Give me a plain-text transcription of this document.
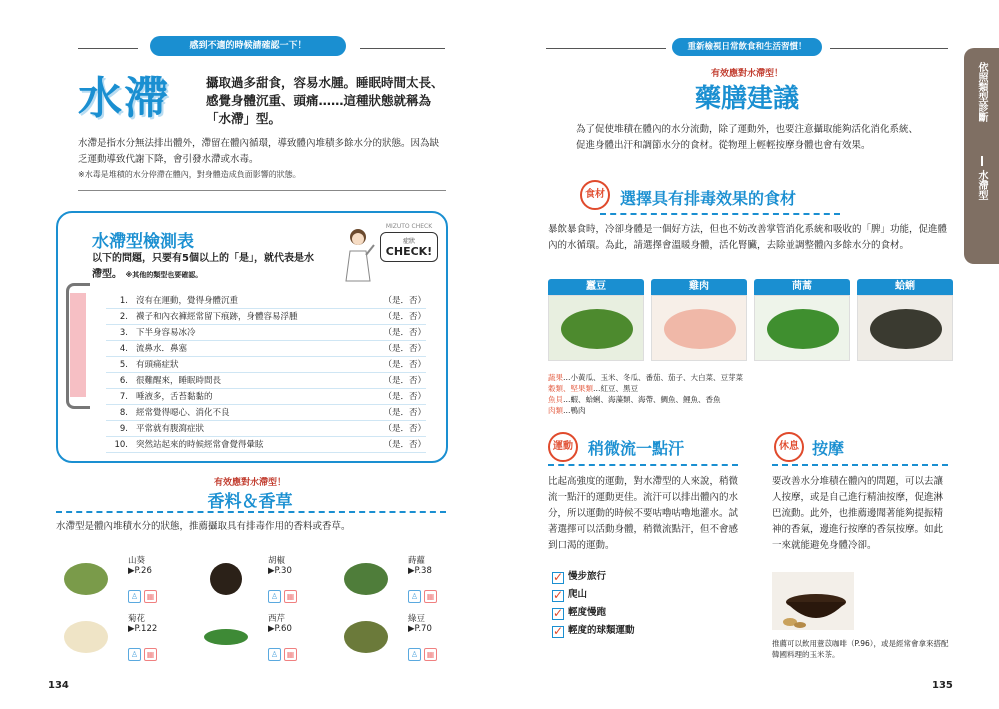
感到不適的時候請確認一下！
水滯	攝取過多甜食，容易水腫。睡眠時間太長、感覺身體沉重、頭痛……這種狀態就稱為「水滯」型。
水滯是指水分無法排出體外，滯留在體內循環，導致體內堆積多餘水分的狀態。因為缺乏運動導致代謝下降，會引發水滯或水毒。
※水毒是堆積的水分停滯在體內，對身體造成負面影響的狀態。
水滯型檢測表
以下的問題，只要有5個以上的「是」，就代表是水滯型。 ※其他的類型也要確認。
MIZUTO CHECK
症狀
CHECK!
1. 沒有在運動，覺得身體沉重	（是．否）
2. 襪子和內衣褲經常留下痕跡，身體容易浮腫	（是．否）
3. 下半身容易冰冷	（是．否）
4. 流鼻水．鼻塞	（是．否）
5. 有頭痛症狀	（是．否）
6. 很難醒來，睡眠時間長	（是．否）
7. 唾液多，舌苔黏黏的	（是．否）
8. 經常覺得噁心、消化不良	（是．否）
9. 平常就有腹瀉症狀	（是．否）
10. 突然站起來的時候經常會覺得暈眩	（是．否）
有效應對水滯型！
香料＆香草
水滯型是體內堆積水分的狀態，推薦攝取具有排毒作用的香料或香草。
山葵
▶P.26
♙ ▦
胡椒
▶P.30
♙ ▦
蒔蘿
▶P.38
♙ ▦
菊花
▶P.122
♙ ▦
西芹
▶P.60
♙ ▦
綠豆
▶P.70
♙ ▦
134
重新檢視日常飲食和生活習慣！
有效應對水滯型！
藥膳建議
為了促使堆積在體內的水分流動，除了運動外，也要注意攝取能夠活化消化系統、促進身體出汗和調節水分的食材。從物理上輕輕按摩身體也會有效果。
依照類型診斷
水滯型
食材 選擇具有排毒效果的食材
暴飲暴食時，冷卻身體是一個好方法，但也不妨改善掌管消化系統和吸收的「脾」功能，促進體內的水循環。為此，請選擇會溫暖身體，活化腎臟，去除並調整體內多餘水分的食材。
蠶豆	雞肉	茼蒿	蛤蜊
蔬果…小黃瓜、玉米、冬瓜、番茄、茄子、大白菜、豆芽菜
穀類、堅果類…紅豆、黑豆
魚貝…蝦、蛤蜊、海藻類、海帶、鯛魚、鯉魚、香魚
肉類…鴨肉
運動 稍微流一點汗
比起高強度的運動，對水滯型的人來說，稍微流一點汗的運動更佳。流汗可以排出體內的水分，所以運動的時候不要咕嚕咕嚕地灌水。試著選擇可以活動身體，稍微流點汗，但不會感到口渴的運動。
✓ 慢步旅行
✓ 爬山
✓ 輕度慢跑
✓ 輕度的球類運動
休息 按摩
要改善水分堆積在體內的問題，可以去讓人按摩，或是自己進行精油按摩，促進淋巴流動。此外，也推薦邊聞著能夠提振精神的香氣，邊進行按摩的香氛按摩。如此一來就能避免身體冷卻。
推薦可以飲用薏苡咖啡（P.96），或是經常會拿來搭配韓國料理的玉米茶。
135
